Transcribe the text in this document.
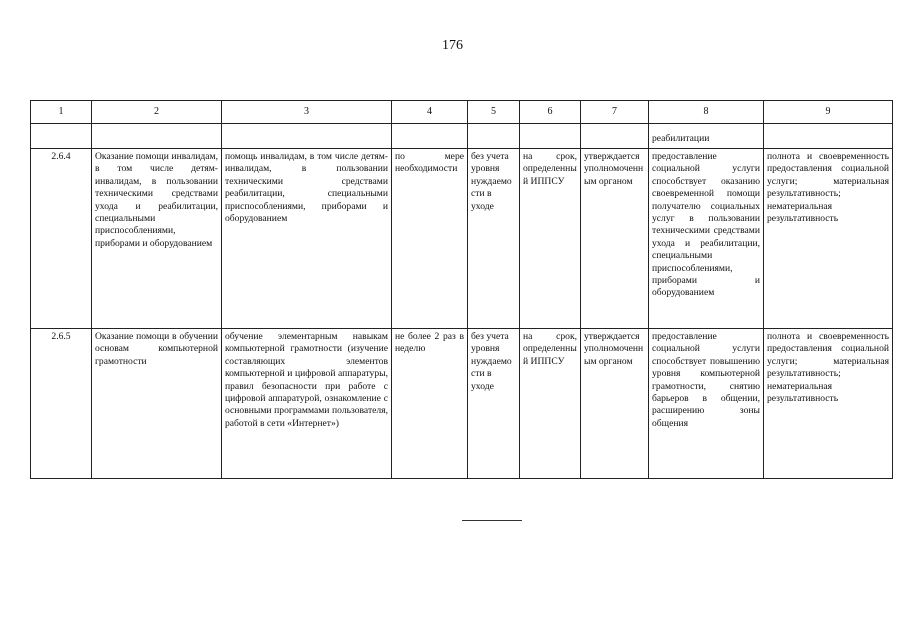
176
1	2	3	4	5	6	7	8	9
							реабилитации	
2.6.4	Оказание помощи инвалидам, в том числе детям-инвалидам, в пользовании техническими средствами ухода и реабилитации, специальными приспособлениями, приборами и оборудованием	помощь инвалидам, в том числе детям-инвалидам, в пользовании техническими средствами реабилитации, специальными приспособлениями, приборами и оборудованием	по мере необходимости	без учета уровня нуждаемости в уходе	на срок, определенный ИППСУ	утверждается уполномоченным органом	предоставление социальной услуги способствует оказанию своевременной помощи получателю социальных услуг в пользовании техническими средствами ухода и реабилитации, специальными приспособлениями, приборами и оборудованием	полнота и своевременность предоставления социальной услуги; материальная результативность; нематериальная результативность
2.6.5	Оказание помощи в обучении основам компьютерной грамотности	обучение элементарным навыкам компьютерной грамотности (изучение составляющих элементов компьютерной и цифровой аппаратуры, правил безопасности при работе с цифровой аппаратурой, ознакомление с основными программами пользователя, работой в сети «Интернет»)	не более 2 раз в неделю	без учета уровня нуждаемости в уходе	на срок, определенный ИППСУ	утверждается уполномоченным органом	предоставление социальной услуги способствует повышению уровня компьютерной грамотности, снятию барьеров в общении, расширению зоны общения	полнота и своевременность предоставления социальной услуги; материальная результативность; нематериальная результативность
